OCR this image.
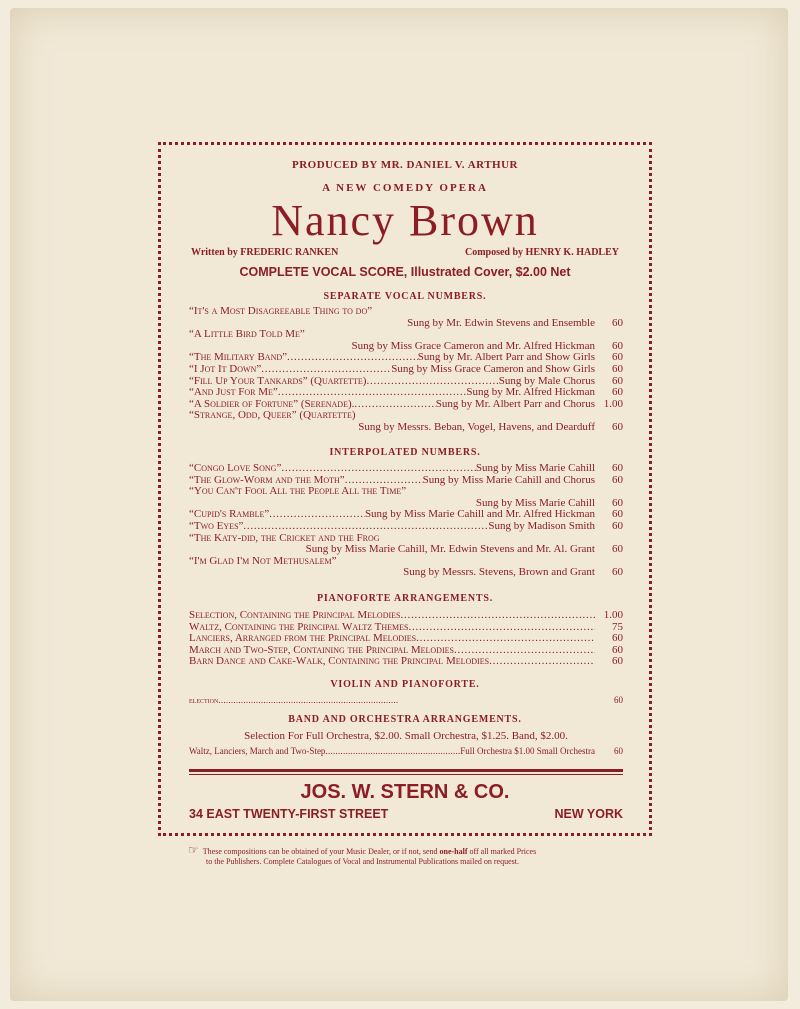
PRODUCED BY MR. DANIEL V. ARTHUR
A NEW COMEDY OPERA
Nancy Brown
Written by FREDERIC RANKEN	Composed by HENRY K. HADLEY
COMPLETE VOCAL SCORE, Illustrated Cover, $2.00 Net
SEPARATE VOCAL NUMBERS.
“It's a Most Disagreeable Thing to do”
Sung by Mr. Edwin Stevens and Ensemble	60
“A Little Bird Told Me”
Sung by Miss Grace Cameron and Mr. Alfred Hickman	60
“The Military Band” . . .	Sung by Mr. Albert Parr and Show Girls	60
“I Jot It Down” . . .	Sung by Miss Grace Cameron and Show Girls	60
“Fill Up Your Tankards” (Quartette) . . .	Sung by Male Chorus	60
“And Just For Me” . . .	Sung by Mr. Alfred Hickman	60
“A Soldier of Fortune” (Serenade). . . .	Sung by Mr. Albert Parr and Chorus 1.00
“Strange, Odd, Queer” (Quartette)
Sung by Messrs. Beban, Vogel, Havens, and Dearduff	60
INTERPOLATED NUMBERS.
“Congo Love Song” . . .	Sung by Miss Marie Cahill	60
“The Glow-Worm and the Moth” . . .	Sung by Miss Marie Cahill and Chorus	60
“You Can't Fool All the People All the Time”
Sung by Miss Marie Cahill	60
“Cupid's Ramble” . . .	Sung by Miss Marie Cahill and Mr. Alfred Hickman	60
“Two Eyes” . . .	Sung by Madison Smith	60
“The Katy-did, the Cricket and the Frog
Sung by Miss Marie Cahill, Mr. Edwin Stevens and Mr. Al. Grant	60
“I'm Glad I'm Not Methusalem”
Sung by Messrs. Stevens, Brown and Grant	60
PIANOFORTE ARRANGEMENTS.
Selection, Containing the Principal Melodies . . .	1.00
Waltz, Containing the Principal Waltz Themes . . .	75
Lanciers, Arranged from the Principal Melodies . . .	60
March and Two-Step, Containing the Principal Melodies . . .	60
Barn Dance and Cake-Walk, Containing the Principal Melodies . . .	60
VIOLIN AND PIANOFORTE.
election . . .	60
BAND AND ORCHESTRA ARRANGEMENTS.
Selection For Full Orchestra, $2.00. Small Orchestra, $1.25. Band, $2.00.
Waltz, Lanciers, March and Two-Step . . .	Full Orchestra $1.00 Small Orchestra	60
JOS. W. STERN & CO.
34 EAST TWENTY-FIRST STREET	NEW YORK
☞ These compositions can be obtained of your Music Dealer, or if not, send one-half off all marked Prices
to the Publishers. Complete Catalogues of Vocal and Instrumental Publications mailed on request.
